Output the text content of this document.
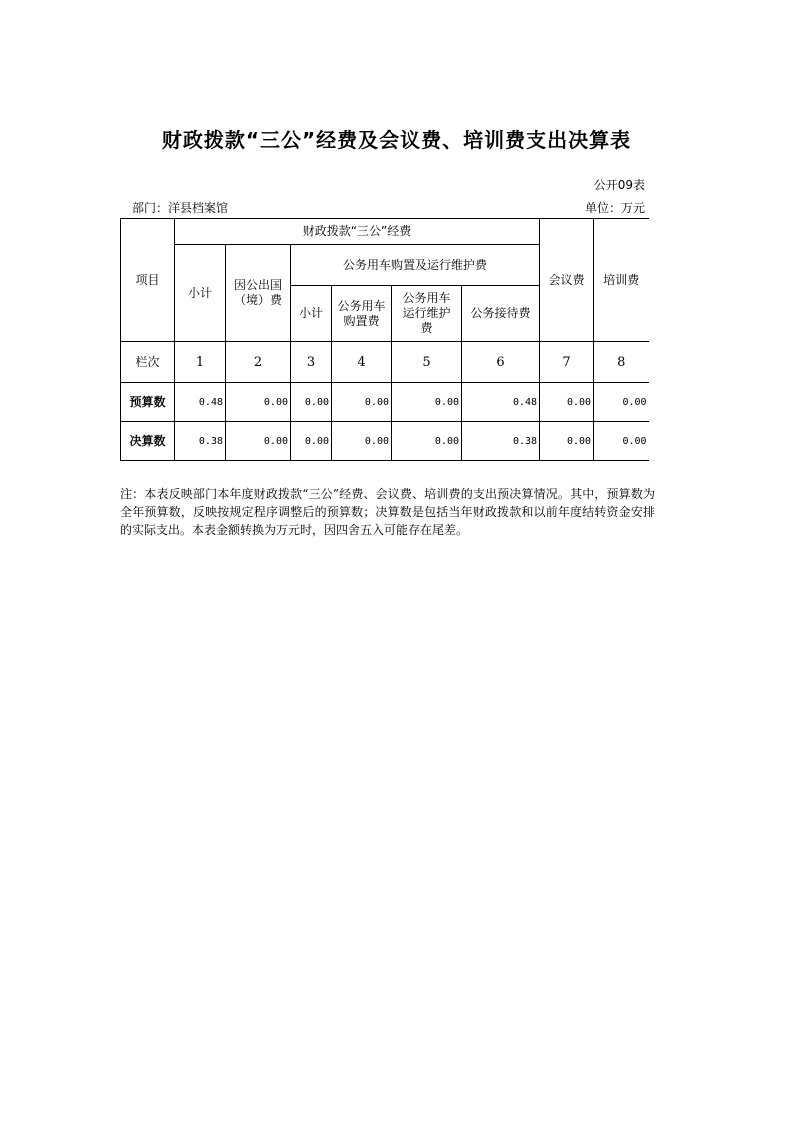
财政拨款“三公”经费及会议费、培训费支出决算表
公开09表
部门：洋县档案馆	单位：万元
项目	财政拨款“三公”经费						会议费	培训费
	小计	因公出国（境）费	公务用车购置及运行维护费					
			小计	公务用车购置费	公务用车运行维护费	公务接待费		
栏次	1	2	3	4	5	6	7	8
预算数	0.48	0.00	0.00	0.00	0.00	0.48	0.00	0.00
决算数	0.38	0.00	0.00	0.00	0.00	0.38	0.00	0.00
注：本表反映部门本年度财政拨款“三公”经费、会议费、培训费的支出预决算情况。其中，预算数为全年预算数，反映按规定程序调整后的预算数；决算数是包括当年财政拨款和以前年度结转资金安排的实际支出。本表金额转换为万元时，因四舍五入可能存在尾差。
